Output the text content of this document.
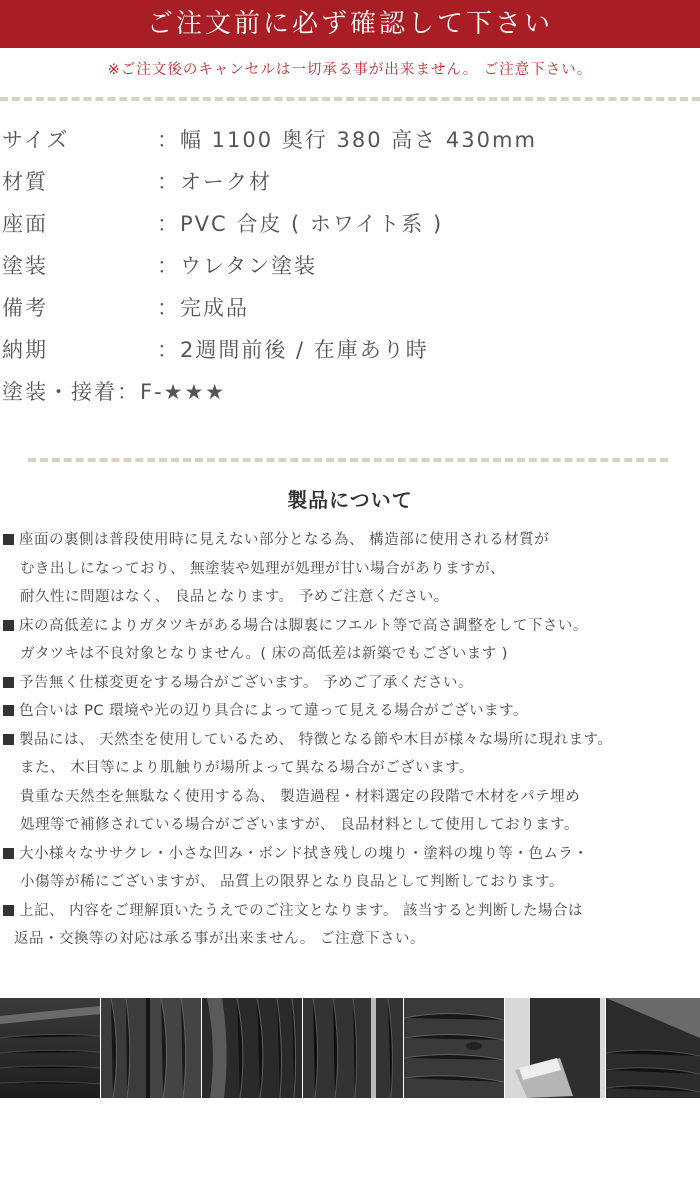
ご注文前に必ず確認して下さい
※ご注文後のキャンセルは一切承る事が出来ません。 ご注意下さい。
サイズ	：幅 1100 奥行 380 高さ 430mm
材質	：オーク材
座面	：PVC 合皮 ( ホワイト系 )
塗装	：ウレタン塗装
備考	：完成品
納期	：2週間前後 / 在庫あり時
塗装・接着：F-★★★
製品について
座面の裏側は普段使用時に見えない部分となる為、 構造部に使用される材質が
むき出しになっており、 無塗装や処理が処理が甘い場合がありますが、
耐久性に問題はなく、 良品となります。 予めご注意ください。
床の高低差によりガタツキがある場合は脚裏にフエルト等で高さ調整をして下さい。
ガタツキは不良対象となりません。( 床の高低差は新築でもございます )
予告無く仕様変更をする場合がございます。 予めご了承ください。
色合いは PC 環境や光の辺り具合によって違って見える場合がございます。
製品には、 天然杢を使用しているため、 特徴となる節や木目が様々な場所に現れます。
また、 木目等により肌触りが場所よって異なる場合がございます。
貴重な天然杢を無駄なく使用する為、 製造過程・材料選定の段階で木材をパテ埋め
処理等で補修されている場合がございますが、 良品材料として使用しております。
大小様々なササクレ・小さな凹み・ボンド拭き残しの塊り・塗料の塊り等・色ムラ・
小傷等が稀にございますが、 品質上の限界となり良品として判断しております。
上記、 内容をご理解頂いたうえでのご注文となります。 該当すると判断した場合は
返品・交換等の対応は承る事が出来ません。 ご注意下さい。
